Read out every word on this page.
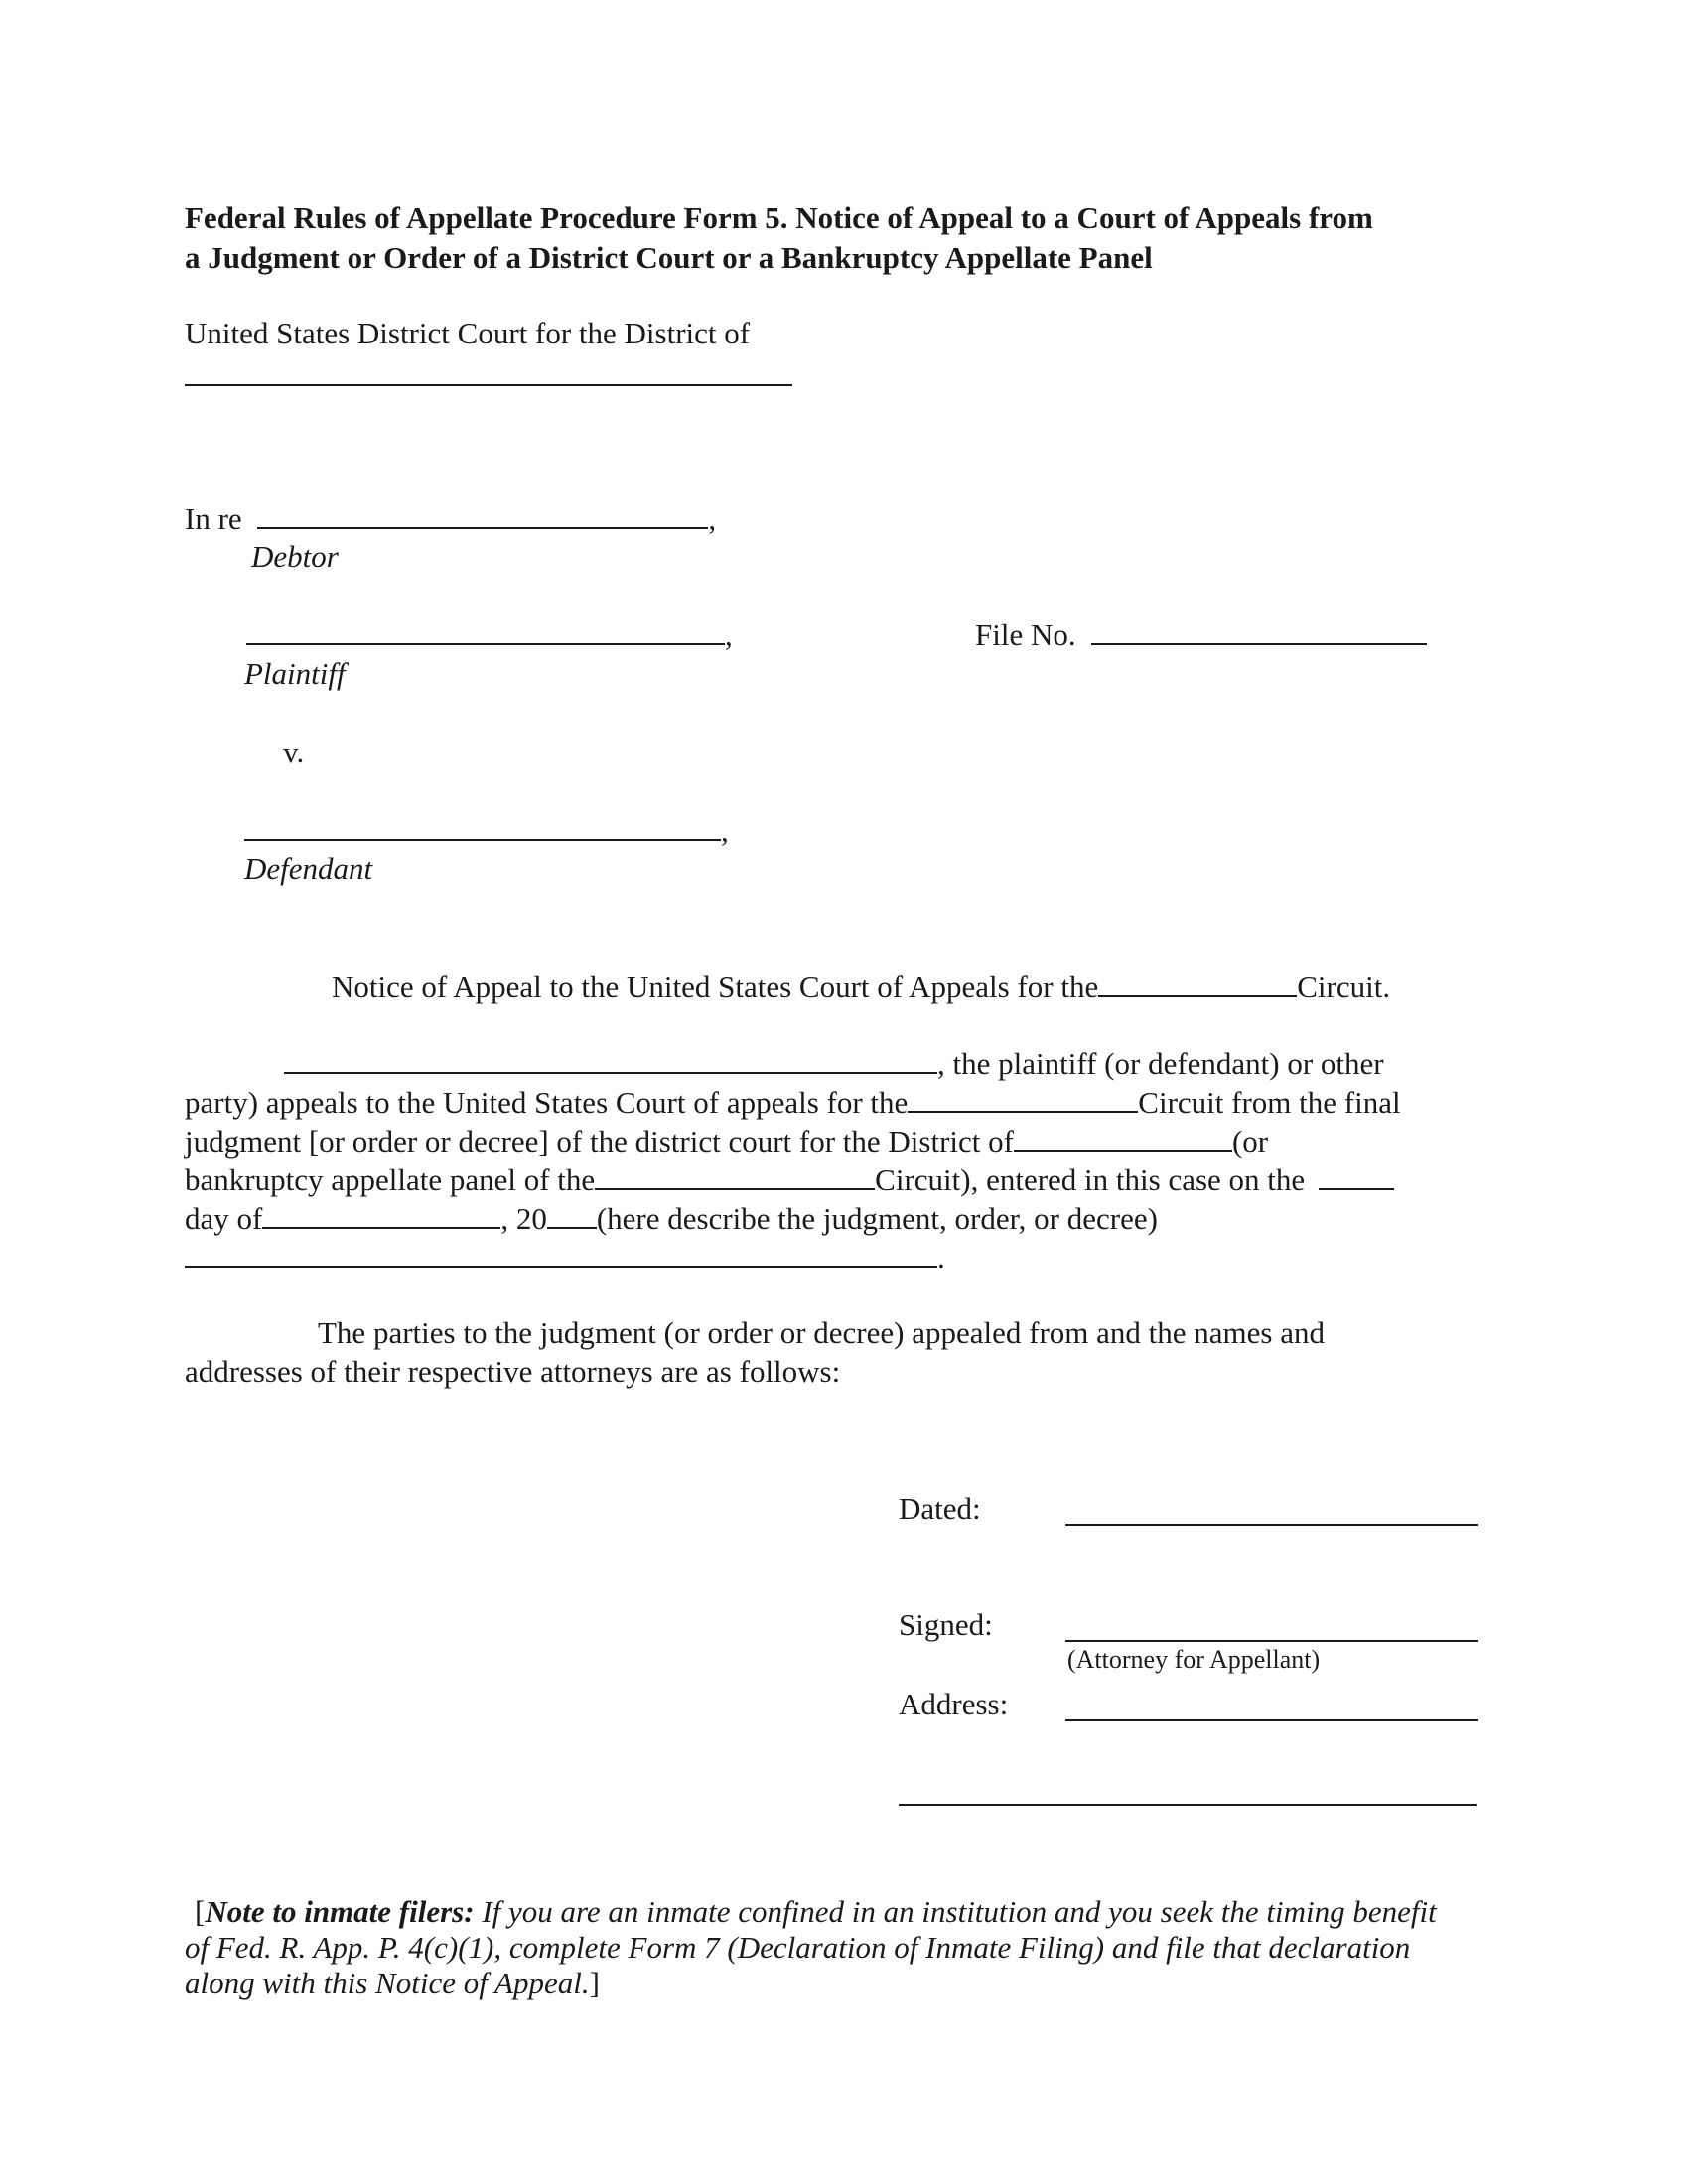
Federal Rules of Appellate Procedure Form 5. Notice of Appeal to a Court of Appeals from
a Judgment or Order of a District Court or a Bankruptcy Appellate Panel
United States District Court for the District of
In re	,
Debtor
,
Plaintiff
File No.
v.
,
Defendant
Notice of Appeal to the United States Court of Appeals for the	Circuit.
, the plaintiff (or defendant) or other
party) appeals to the United States Court of appeals for the	Circuit from the final
judgment [or order or decree] of the district court for the District of	(or
bankruptcy appellate panel of the	Circuit), entered in this case on the
day of	, 20 (here describe the judgment, order, or decree)
.
The parties to the judgment (or order or decree) appealed from and the names and
addresses of their respective attorneys are as follows:
Dated:
Signed:
(Attorney for Appellant)
Address:
[Note to inmate filers: If you are an inmate confined in an institution and you seek the timing benefit
of Fed. R. App. P. 4(c)(1), complete Form 7 (Declaration of Inmate Filing) and file that declaration
along with this Notice of Appeal.]
